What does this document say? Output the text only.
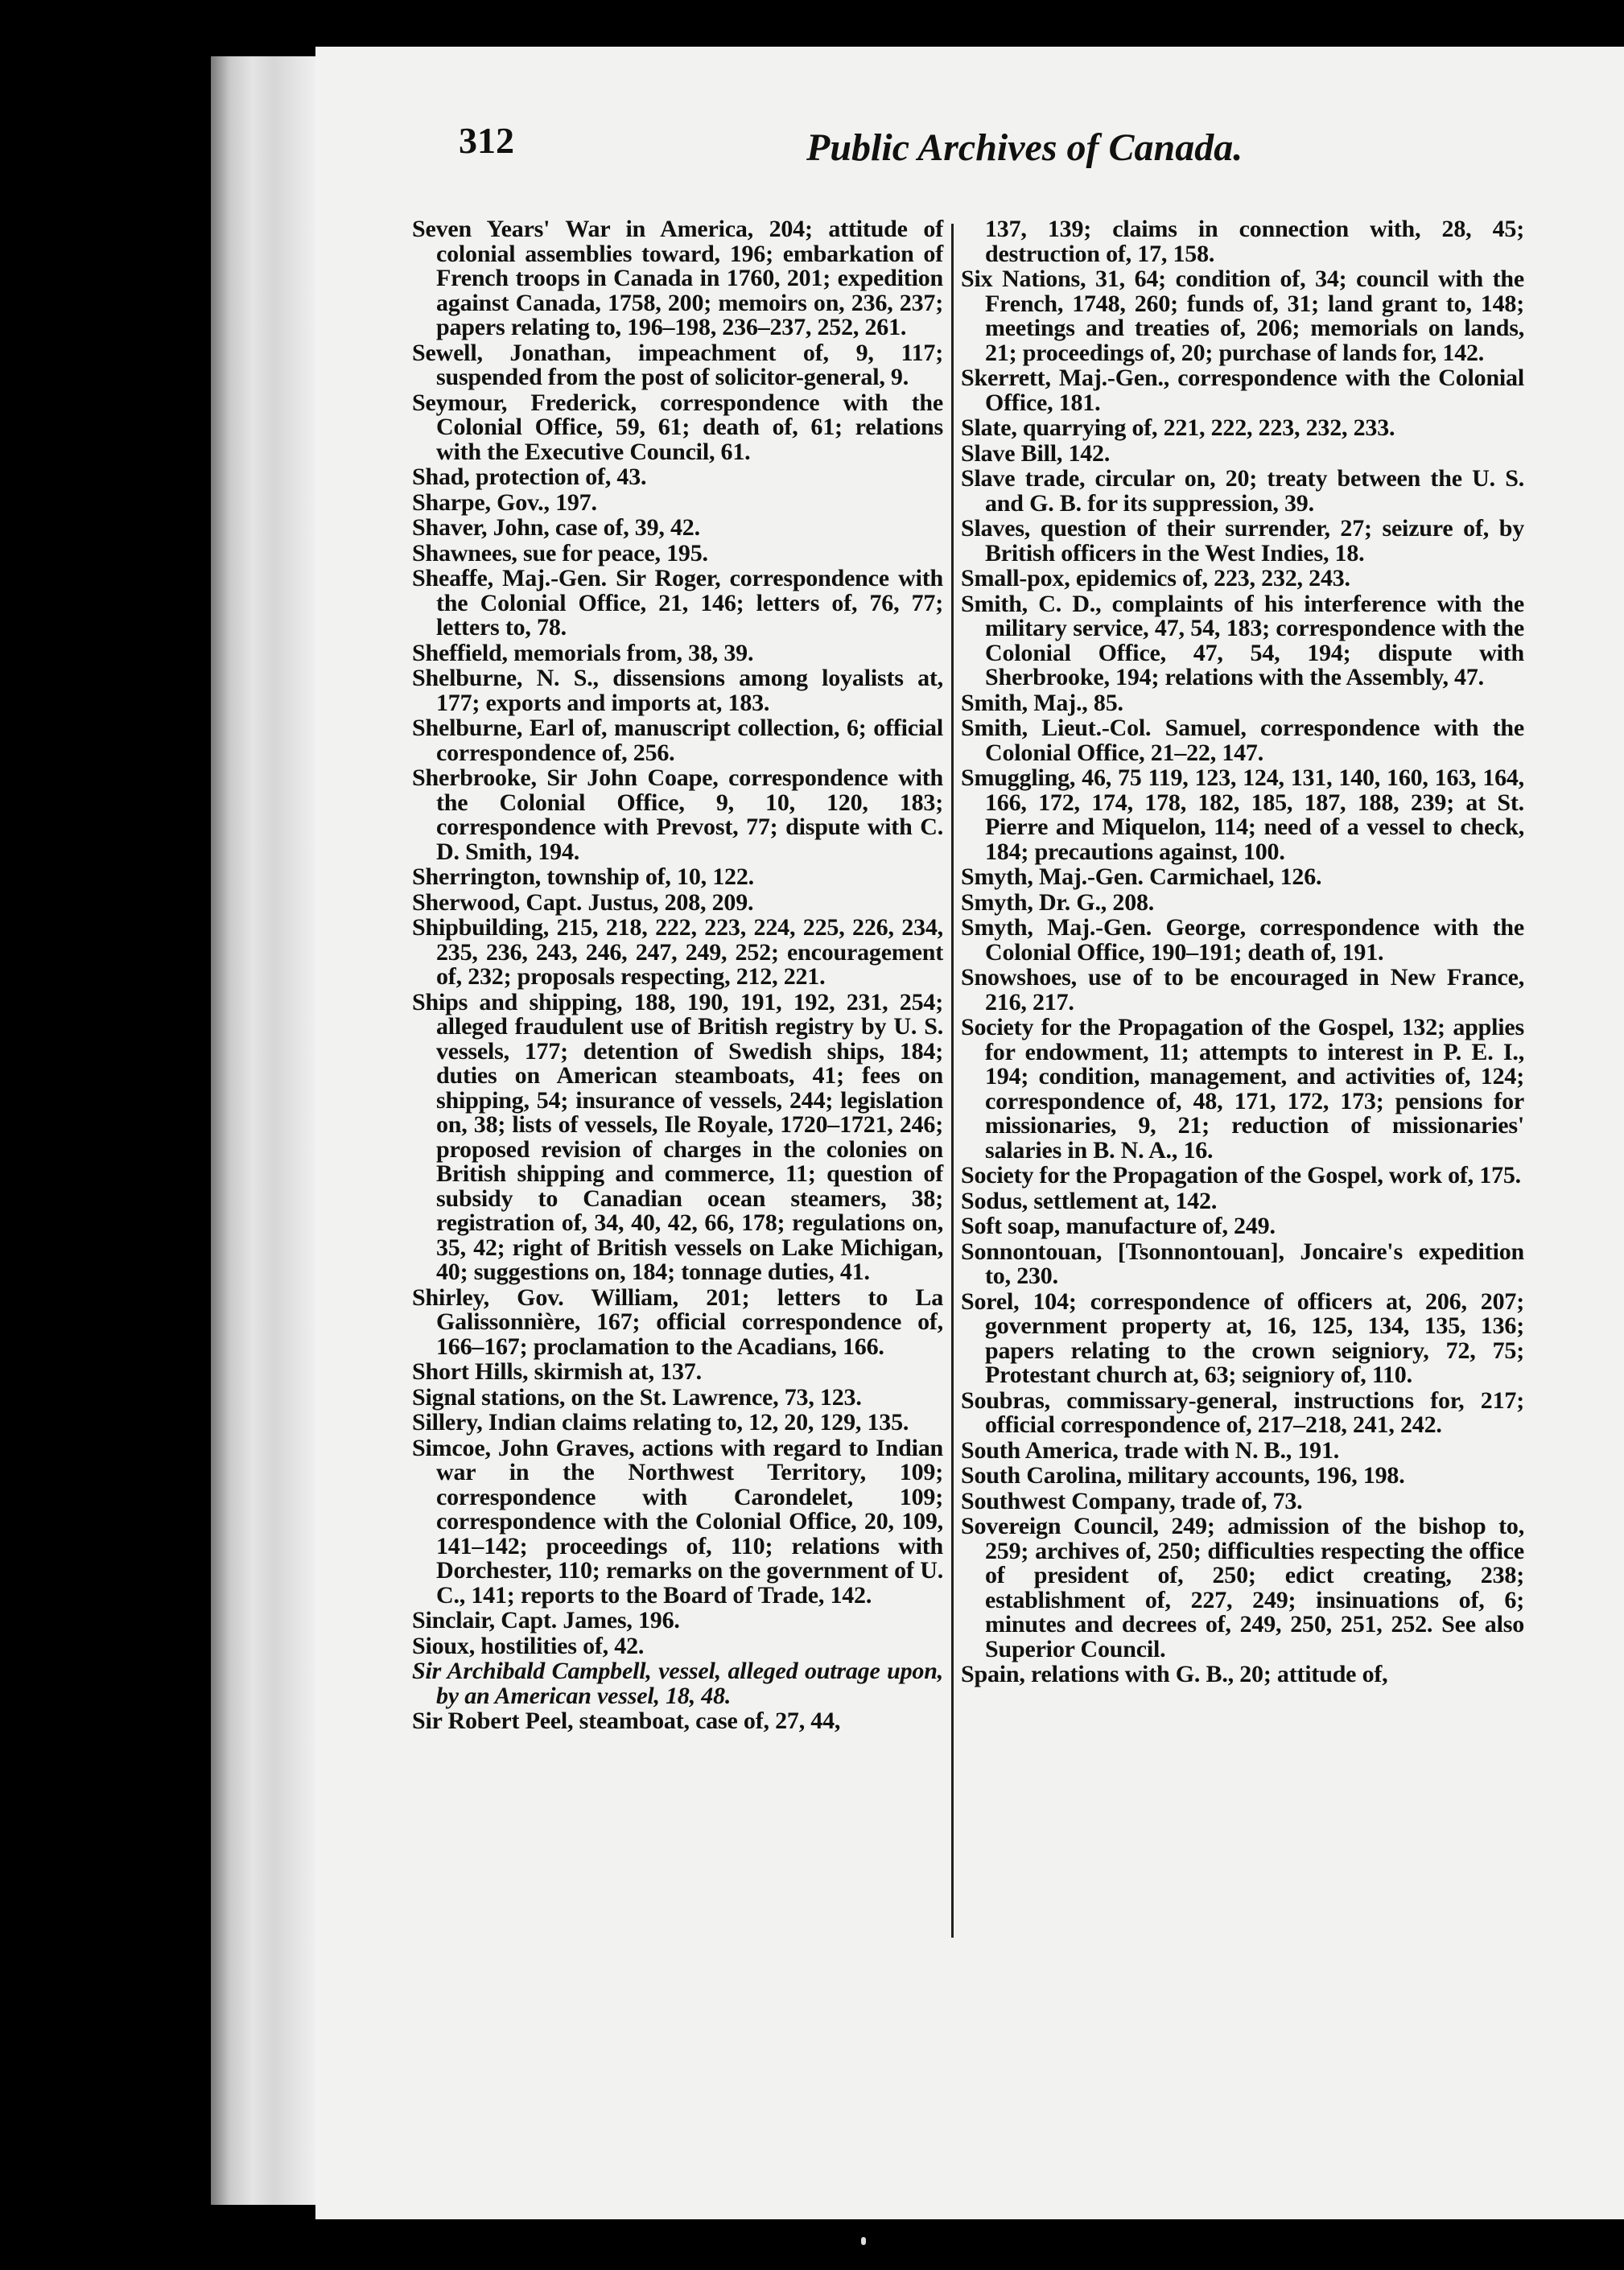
312	Public Archives of Canada.

Seven Years' War in America, 204; attitude of colonial assemblies toward, 196; embarkation of French troops in Canada in 1760, 201; expedition against Canada, 1758, 200; memoirs on, 236, 237; papers relating to, 196–198, 236–237, 252, 261.

Sewell, Jonathan, impeachment of, 9, 117; suspended from the post of solicitor-general, 9.

Seymour, Frederick, correspondence with the Colonial Office, 59, 61; death of, 61; relations with the Executive Council, 61.

Shad, protection of, 43.

Sharpe, Gov., 197.

Shaver, John, case of, 39, 42.

Shawnees, sue for peace, 195.

Sheaffe, Maj.-Gen. Sir Roger, correspondence with the Colonial Office, 21, 146; letters of, 76, 77; letters to, 78.

Sheffield, memorials from, 38, 39.

Shelburne, N. S., dissensions among loyalists at, 177; exports and imports at, 183.

Shelburne, Earl of, manuscript collection, 6; official correspondence of, 256.

Sherbrooke, Sir John Coape, correspondence with the Colonial Office, 9, 10, 120, 183; correspondence with Prevost, 77; dispute with C. D. Smith, 194.

Sherrington, township of, 10, 122.

Sherwood, Capt. Justus, 208, 209.

Shipbuilding, 215, 218, 222, 223, 224, 225, 226, 234, 235, 236, 243, 246, 247, 249, 252; encouragement of, 232; proposals respecting, 212, 221.

Ships and shipping, 188, 190, 191, 192, 231, 254; alleged fraudulent use of British registry by U. S. vessels, 177; detention of Swedish ships, 184; duties on American steamboats, 41; fees on shipping, 54; insurance of vessels, 244; legislation on, 38; lists of vessels, Ile Royale, 1720–1721, 246; proposed revision of charges in the colonies on British shipping and commerce, 11; question of subsidy to Canadian ocean steamers, 38; registration of, 34, 40, 42, 66, 178; regulations on, 35, 42; right of British vessels on Lake Michigan, 40; suggestions on, 184; tonnage duties, 41.

Shirley, Gov. William, 201; letters to La Galissonnière, 167; official correspondence of, 166–167; proclamation to the Acadians, 166.

Short Hills, skirmish at, 137.

Signal stations, on the St. Lawrence, 73, 123.

Sillery, Indian claims relating to, 12, 20, 129, 135.

Simcoe, John Graves, actions with regard to Indian war in the Northwest Territory, 109; correspondence with Carondelet, 109; correspondence with the Colonial Office, 20, 109, 141–142; proceedings of, 110; relations with Dorchester, 110; remarks on the government of U. C., 141; reports to the Board of Trade, 142.

Sinclair, Capt. James, 196.

Sioux, hostilities of, 42.

Sir Archibald Campbell, vessel, alleged outrage upon, by an American vessel, 18, 48.

Sir Robert Peel, steamboat, case of, 27, 44,

137, 139; claims in connection with, 28, 45; destruction of, 17, 158.

Six Nations, 31, 64; condition of, 34; council with the French, 1748, 260; funds of, 31; land grant to, 148; meetings and treaties of, 206; memorials on lands, 21; proceedings of, 20; purchase of lands for, 142.

Skerrett, Maj.-Gen., correspondence with the Colonial Office, 181.

Slate, quarrying of, 221, 222, 223, 232, 233.

Slave Bill, 142.

Slave trade, circular on, 20; treaty between the U. S. and G. B. for its suppression, 39.

Slaves, question of their surrender, 27; seizure of, by British officers in the West Indies, 18.

Small-pox, epidemics of, 223, 232, 243.

Smith, C. D., complaints of his interference with the military service, 47, 54, 183; correspondence with the Colonial Office, 47, 54, 194; dispute with Sherbrooke, 194; relations with the Assembly, 47.

Smith, Maj., 85.

Smith, Lieut.-Col. Samuel, correspondence with the Colonial Office, 21–22, 147.

Smuggling, 46, 75 119, 123, 124, 131, 140, 160, 163, 164, 166, 172, 174, 178, 182, 185, 187, 188, 239; at St. Pierre and Miquelon, 114; need of a vessel to check, 184; precautions against, 100.

Smyth, Maj.-Gen. Carmichael, 126.

Smyth, Dr. G., 208.

Smyth, Maj.-Gen. George, correspondence with the Colonial Office, 190–191; death of, 191.

Snowshoes, use of to be encouraged in New France, 216, 217.

Society for the Propagation of the Gospel, 132; applies for endowment, 11; attempts to interest in P. E. I., 194; condition, management, and activities of, 124; correspondence of, 48, 171, 172, 173; pensions for missionaries, 9, 21; reduction of missionaries' salaries in B. N. A., 16.

Society for the Propagation of the Gospel, work of, 175.

Sodus, settlement at, 142.

Soft soap, manufacture of, 249.

Sonnontouan, [Tsonnontouan], Joncaire's expedition to, 230.

Sorel, 104; correspondence of officers at, 206, 207; government property at, 16, 125, 134, 135, 136; papers relating to the crown seigniory, 72, 75; Protestant church at, 63; seigniory of, 110.

Soubras, commissary-general, instructions for, 217; official correspondence of, 217–218, 241, 242.

South America, trade with N. B., 191.

South Carolina, military accounts, 196, 198.

Southwest Company, trade of, 73.

Sovereign Council, 249; admission of the bishop to, 259; archives of, 250; difficulties respecting the office of president of, 250; edict creating, 238; establishment of, 227, 249; insinuations of, 6; minutes and decrees of, 249, 250, 251, 252. See also Superior Council.

Spain, relations with G. B., 20; attitude of,
